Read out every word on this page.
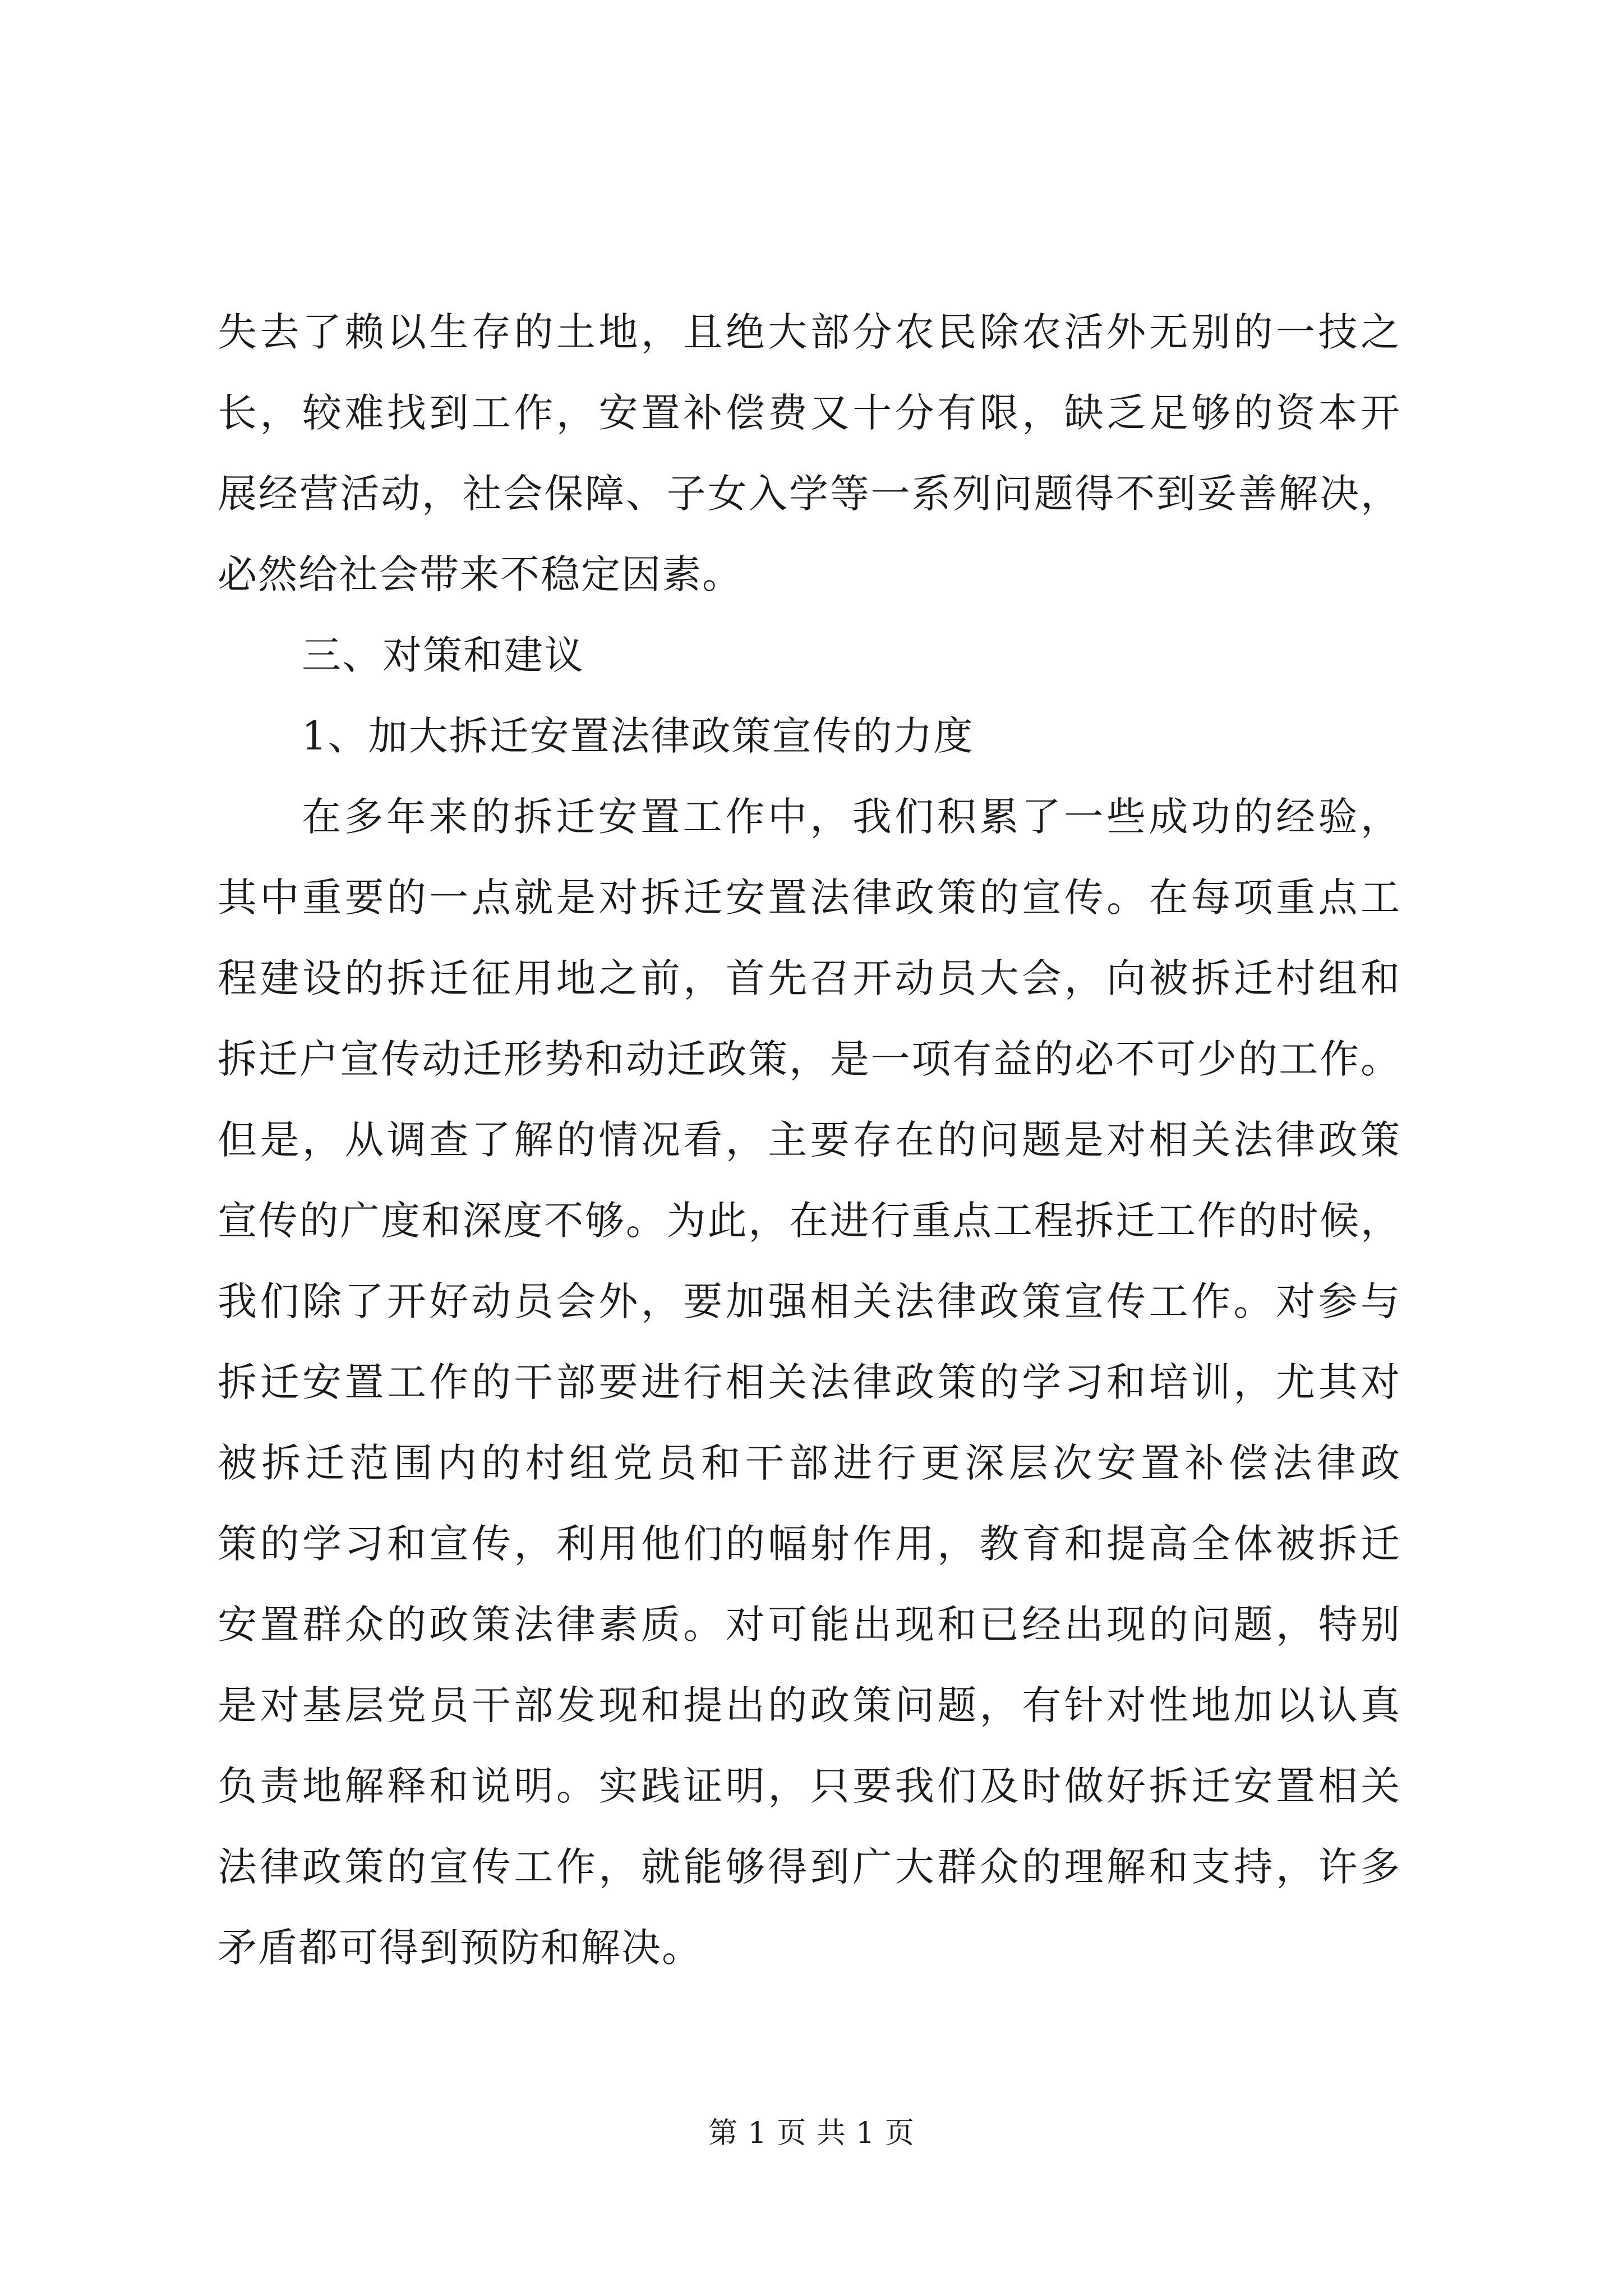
失去了赖以生存的土地，且绝大部分农民除农活外无别的一技之
长，较难找到工作，安置补偿费又十分有限，缺乏足够的资本开
展经营活动，社会保障、子女入学等一系列问题得不到妥善解决，
必然给社会带来不稳定因素。
三、对策和建议
1、加大拆迁安置法律政策宣传的力度
在多年来的拆迁安置工作中，我们积累了一些成功的经验，
其中重要的一点就是对拆迁安置法律政策的宣传。在每项重点工
程建设的拆迁征用地之前，首先召开动员大会，向被拆迁村组和
拆迁户宣传动迁形势和动迁政策，是一项有益的必不可少的工作。
但是，从调查了解的情况看，主要存在的问题是对相关法律政策
宣传的广度和深度不够。为此，在进行重点工程拆迁工作的时候，
我们除了开好动员会外，要加强相关法律政策宣传工作。对参与
拆迁安置工作的干部要进行相关法律政策的学习和培训，尤其对
被拆迁范围内的村组党员和干部进行更深层次安置补偿法律政
策的学习和宣传，利用他们的幅射作用，教育和提高全体被拆迁
安置群众的政策法律素质。对可能出现和已经出现的问题，特别
是对基层党员干部发现和提出的政策问题，有针对性地加以认真
负责地解释和说明。实践证明，只要我们及时做好拆迁安置相关
法律政策的宣传工作，就能够得到广大群众的理解和支持，许多
矛盾都可得到预防和解决。
第 1 页 共 1 页
